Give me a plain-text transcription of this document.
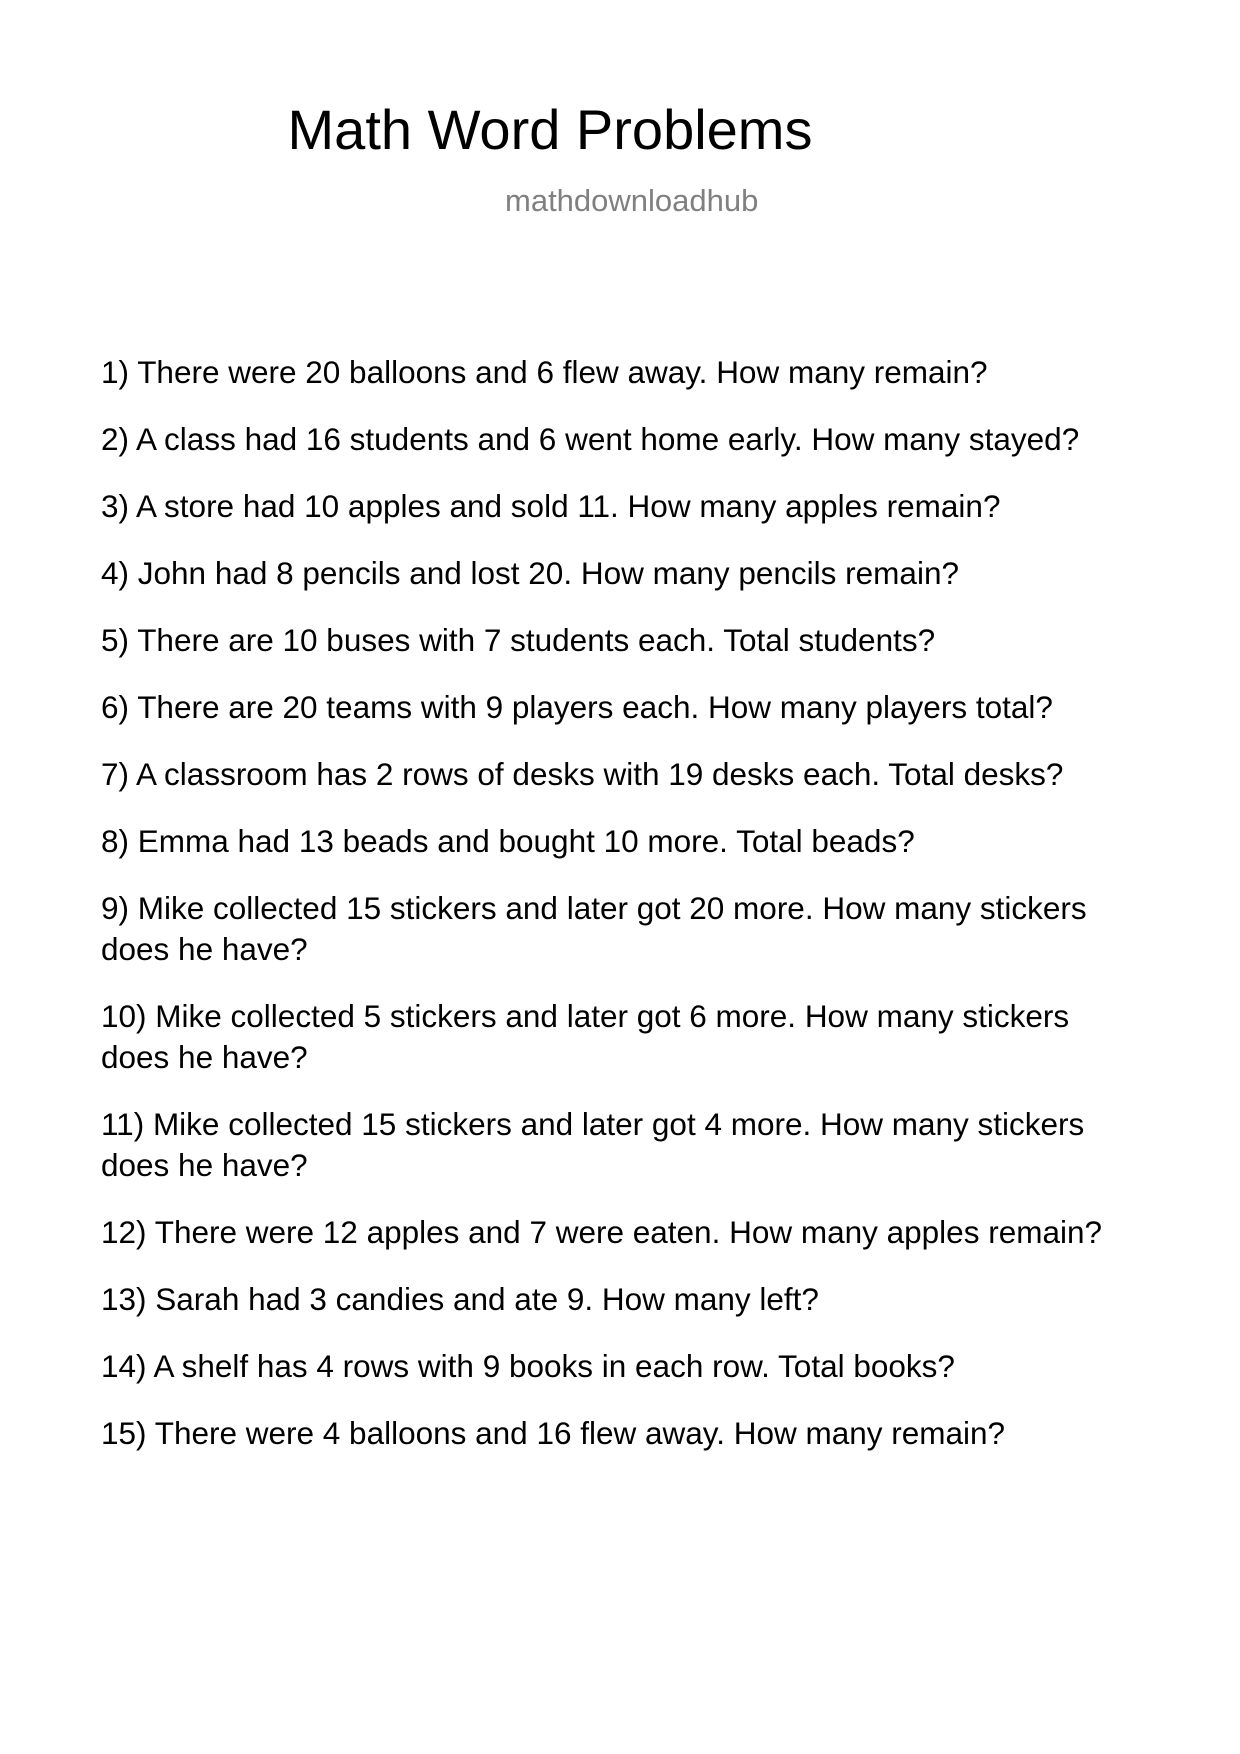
Math Word Problems
mathdownloadhub
1) There were 20 balloons and 6 flew away. How many remain?
2) A class had 16 students and 6 went home early. How many stayed?
3) A store had 10 apples and sold 11. How many apples remain?
4) John had 8 pencils and lost 20. How many pencils remain?
5) There are 10 buses with 7 students each. Total students?
6) There are 20 teams with 9 players each. How many players total?
7) A classroom has 2 rows of desks with 19 desks each. Total desks?
8) Emma had 13 beads and bought 10 more. Total beads?
9) Mike collected 15 stickers and later got 20 more. How many stickers does he have?
10) Mike collected 5 stickers and later got 6 more. How many stickers does he have?
11) Mike collected 15 stickers and later got 4 more. How many stickers does he have?
12) There were 12 apples and 7 were eaten. How many apples remain?
13) Sarah had 3 candies and ate 9. How many left?
14) A shelf has 4 rows with 9 books in each row. Total books?
15) There were 4 balloons and 16 flew away. How many remain?
